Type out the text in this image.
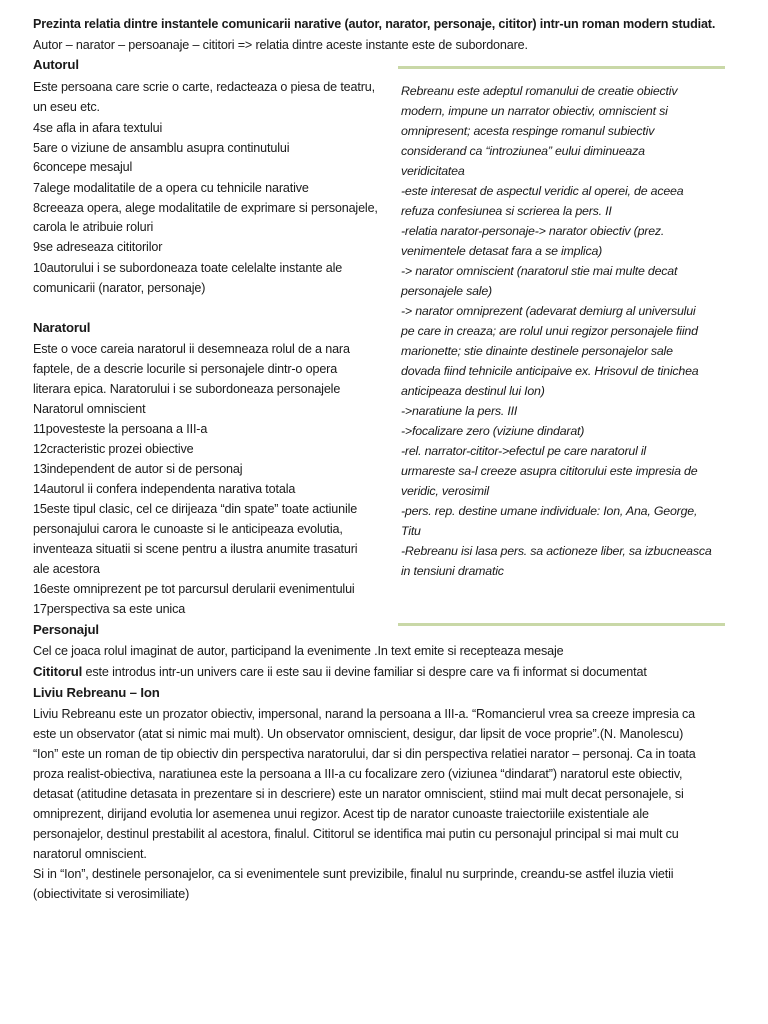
Prezinta relatia dintre instantele comunicarii narative (autor, narator, personaje, cititor) intr-un roman modern studiat.
Autor – narator – persoanaje – cititori => relatia dintre aceste instante este de subordonare.
Autorul
Este persoana care scrie o carte, redacteaza o piesa de teatru,
un eseu etc.
4se afla in afara textului
5are o viziune de ansamblu asupra continutului
6concepe mesajul
7alege modalitatile de a opera cu tehnicile narative
8creeaza opera, alege modalitatile de exprimare si personajele,
carola le atribuie roluri
9se adreseaza cititorilor
10autorului i se subordoneaza toate celelalte instante ale
comunicarii (narator, personaje)
Naratorul
Este o voce careia naratorul ii desemneaza rolul de a nara
faptele, de a descrie locurile si personajele dintr-o opera
literara epica. Naratorului i se subordoneaza personajele
Naratorul omniscient
11povesteste la persoana a III-a
12cracteristic prozei obiective
13independent de autor si de personaj
14autorul ii confera independenta narativa totala
15este tipul clasic, cel ce dirijeaza “din spate” toate actiunile
personajului carora le cunoaste si le anticipeaza evolutia,
inventeaza situatii si scene pentru a ilustra anumite trasaturi
ale acestora
16este omniprezent pe tot parcursul derularii evenimentului
17perspectiva sa este unica
Rebreanu este adeptul romanului de creatie obiectiv
modern, impune un narrator obiectiv, omniscient si
omnipresent; acesta respinge romanul subiectiv
considerand ca “introziunea” eului diminueaza
veridicitatea
-este interesat de aspectul veridic al operei, de aceea
refuza confesiunea si scrierea la pers. II
-relatia narator-personaje-> narator obiectiv (prez.
venimentele detasat fara a se implica)
-> narator omniscient (naratorul stie mai multe decat
personajele sale)
-> narator omniprezent (adevarat demiurg al universului
pe care in creaza; are rolul unui regizor personajele fiind
marionette; stie dinainte destinele personajelor sale
dovada fiind tehnicile anticipaive ex. Hrisovul de tinichea
anticipeaza destinul lui Ion)
->naratiune la pers. III
->focalizare zero (viziune dindarat)
-rel. narrator-cititor->efectul pe care naratorul il
urmareste sa-l creeze asupra cititorului este impresia de
veridic, verosimil
-pers. rep. destine umane individuale: Ion, Ana, George,
Titu
-Rebreanu isi lasa pers. sa actioneze liber, sa izbucneasca
in tensiuni dramatic
Personajul
Cel ce joaca rolul imaginat de autor, participand la evenimente .In text emite si recepteaza mesaje
Cititorul este introdus intr-un univers care ii este sau ii devine familiar si despre care va fi informat si documentat
Liviu Rebreanu – Ion
Liviu Rebreanu este un prozator obiectiv, impersonal, narand la persoana a III-a. “Romancierul vrea sa creeze impresia ca
este un observator (atat si nimic mai mult). Un observator omniscient, desigur, dar lipsit de voce proprie”.(N. Manolescu)
“Ion” este un roman de tip obiectiv din perspectiva naratorului, dar si din perspectiva relatiei narator – personaj. Ca in toata
proza realist-obiectiva, naratiunea este la persoana a III-a cu focalizare zero (viziunea “dindarat”) naratorul este obiectiv,
detasat (atitudine detasata in prezentare si in descriere) este un narator omniscient, stiind mai mult decat personajele, si
omniprezent, dirijand evolutia lor asemenea unui regizor. Acest tip de narator cunoaste traiectoriile existentiale ale
personajelor, destinul prestabilit al acestora, finalul. Cititorul se identifica mai putin cu personajul principal si mai mult cu
naratorul omniscient.
Si in “Ion”, destinele personajelor, ca si evenimentele sunt previzibile, finalul nu surprinde, creandu-se astfel iluzia vietii
(obiectivitate si verosimiliate)
